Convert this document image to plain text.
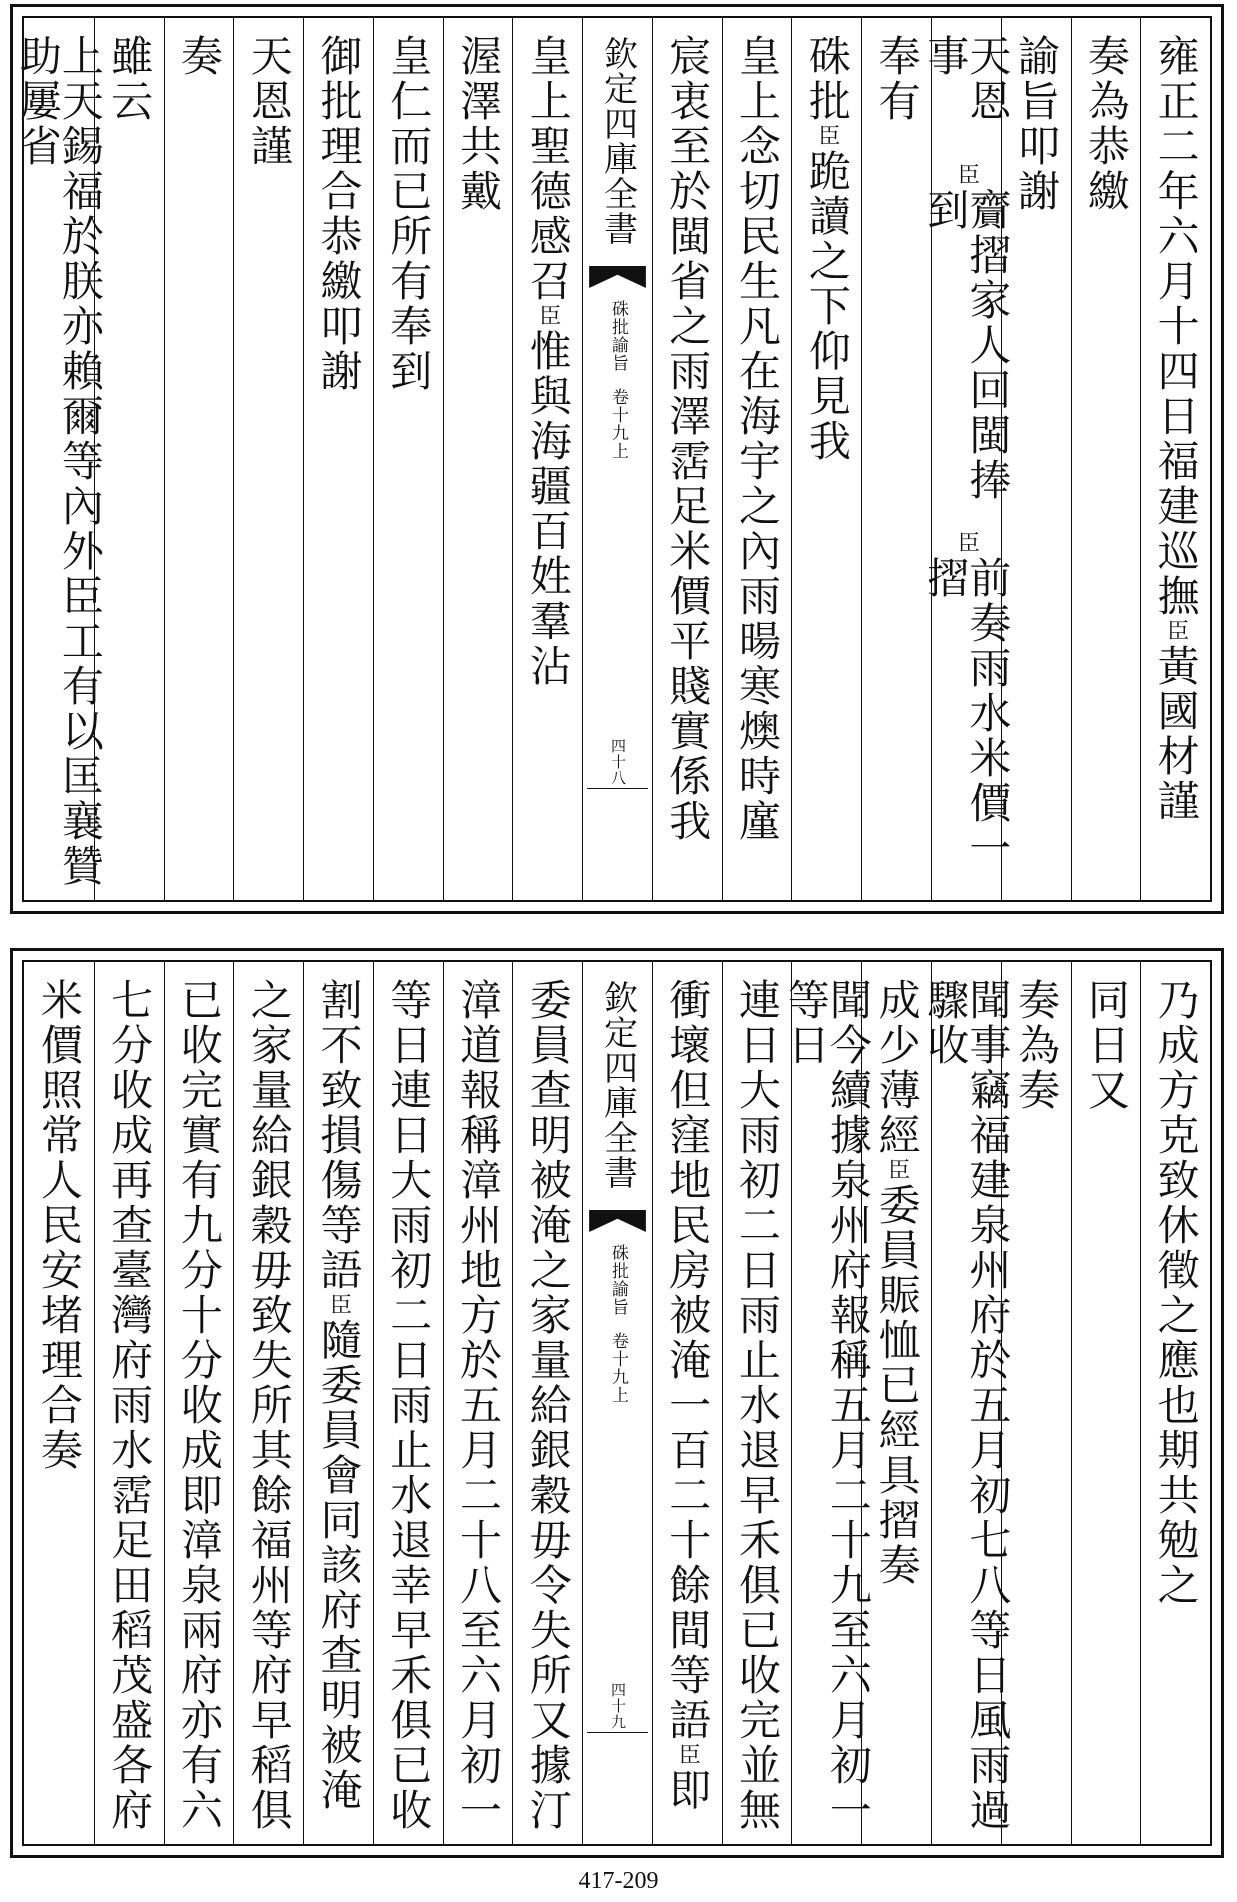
雍正二年六月十四日福建巡撫
臣
黃國材謹
奏為恭繳
諭旨叩謝
天恩事
臣
齎摺家人回閩捧到
臣
前奏雨水米價一摺
奉有
硃批
臣
跪讀之下仰見我
皇上念切民生凡在海宇之內雨暘寒燠時廑
宸衷至於閩省之雨澤霑足米價平賤實係我
欽定四庫全書
硃批諭旨
卷十九上
四十八
皇上聖德感召
臣
惟與海疆百姓羣沾
渥澤共戴
皇仁而已所有奉到
御批理合恭繳叩謝
天恩謹
奏
雖云
上天錫福於朕亦賴爾等內外臣工有以匡襄贊助屢省
乃成方克致休徵之應也期共勉之
同日又
奏為奏
聞事竊福建泉州府於五月初七八等日風雨過驟收
成少薄經
臣
委員賑恤已經具摺奏
聞今續據泉州府報稱五月二十九至六月初一等日
連日大雨初二日雨止水退早禾俱已收完並無
衝壞但窪地民房被淹一百二十餘間等語
臣
即
欽定四庫全書
硃批諭旨
卷十九上
四十九
委員查明被淹之家量給銀穀毋令失所又據汀
漳道報稱漳州地方於五月二十八至六月初一
等日連日大雨初二日雨止水退幸早禾俱已收
割不致損傷等語
臣
隨委員會同該府查明被淹
之家量給銀穀毋致失所其餘福州等府早稻俱
已收完實有九分十分收成即漳泉兩府亦有六
七分收成再查臺灣府雨水霑足田稻茂盛各府
米價照常人民安堵理合奏
417-209
